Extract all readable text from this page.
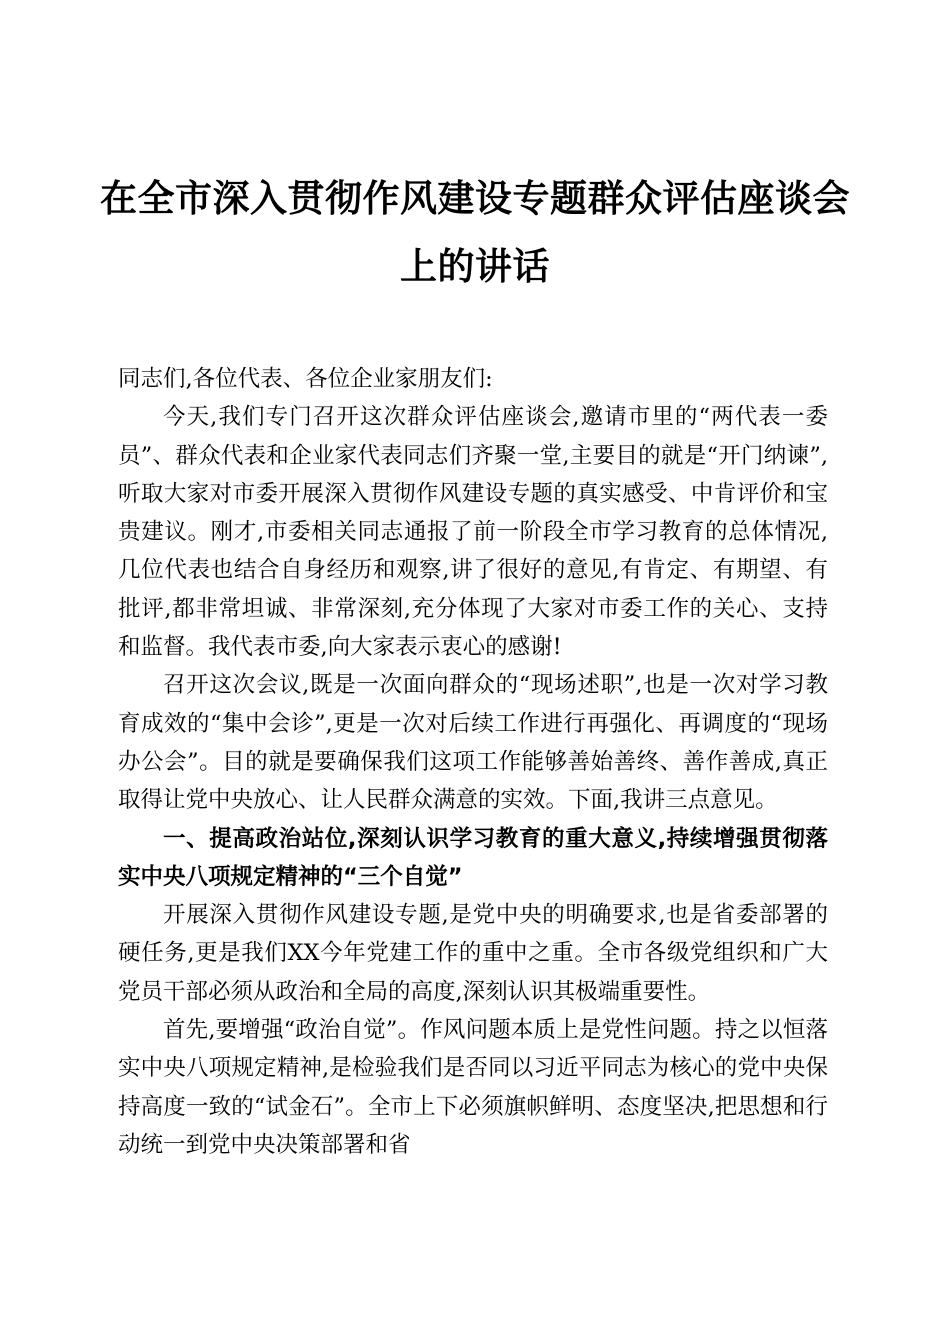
在全市深入贯彻作风建设专题群众评估座谈会上的讲话

同志们,各位代表、各位企业家朋友们:

今天,我们专门召开这次群众评估座谈会,邀请市里的“两代表一委员”、群众代表和企业家代表同志们齐聚一堂,主要目的就是“开门纳谏”,听取大家对市委开展深入贯彻作风建设专题的真实感受、中肯评价和宝贵建议。刚才,市委相关同志通报了前一阶段全市学习教育的总体情况,几位代表也结合自身经历和观察,讲了很好的意见,有肯定、有期望、有批评,都非常坦诚、非常深刻,充分体现了大家对市委工作的关心、支持和监督。我代表市委,向大家表示衷心的感谢!

召开这次会议,既是一次面向群众的“现场述职”,也是一次对学习教育成效的“集中会诊”,更是一次对后续工作进行再强化、再调度的“现场办公会”。目的就是要确保我们这项工作能够善始善终、善作善成,真正取得让党中央放心、让人民群众满意的实效。下面,我讲三点意见。

一、提高政治站位,深刻认识学习教育的重大意义,持续增强贯彻落实中央八项规定精神的“三个自觉”

开展深入贯彻作风建设专题,是党中央的明确要求,也是省委部署的硬任务,更是我们XX今年党建工作的重中之重。全市各级党组织和广大党员干部必须从政治和全局的高度,深刻认识其极端重要性。

首先,要增强“政治自觉”。作风问题本质上是党性问题。持之以恒落实中央八项规定精神,是检验我们是否同以习近平同志为核心的党中央保持高度一致的“试金石”。全市上下必须旗帜鲜明、态度坚决,把思想和行动统一到党中央决策部署和省
